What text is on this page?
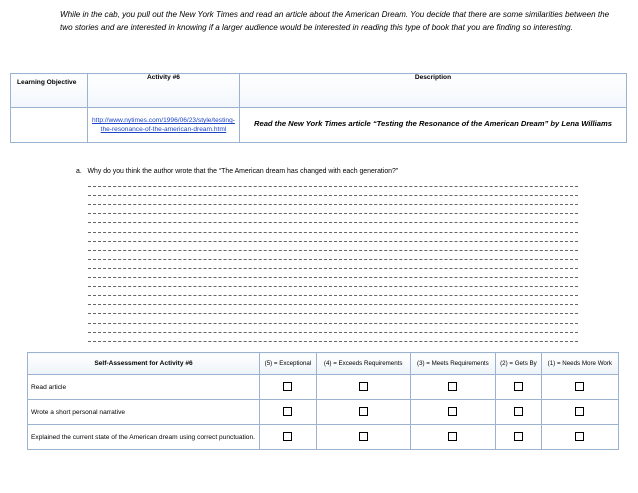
While in the cab, you pull out the New York Times and read an article about the American Dream. You decide that there are some similarities between the two stories and are interested in knowing if a larger audience would be interested in reading this type of book that you are finding so interesting.
Learning Objective	Activity #6	Description
	http://www.nytimes.com/1996/06/23/style/testing-the-resonance-of-the-american-dream.html	Read the New York Times article “Testing the Resonance of the American Dream” by Lena Williams
a. Why do you think the author wrote that the “The American dream has changed with each generation?”
Self-Assessment for Activity #6	(5) = Exceptional	(4) = Exceeds Requirements	(3) = Meets Requirements	(2) = Gets By	(1) = Needs More Work
Read article					
Wrote a short personal narrative					
Explained the current state of the American dream using correct punctuation.					
